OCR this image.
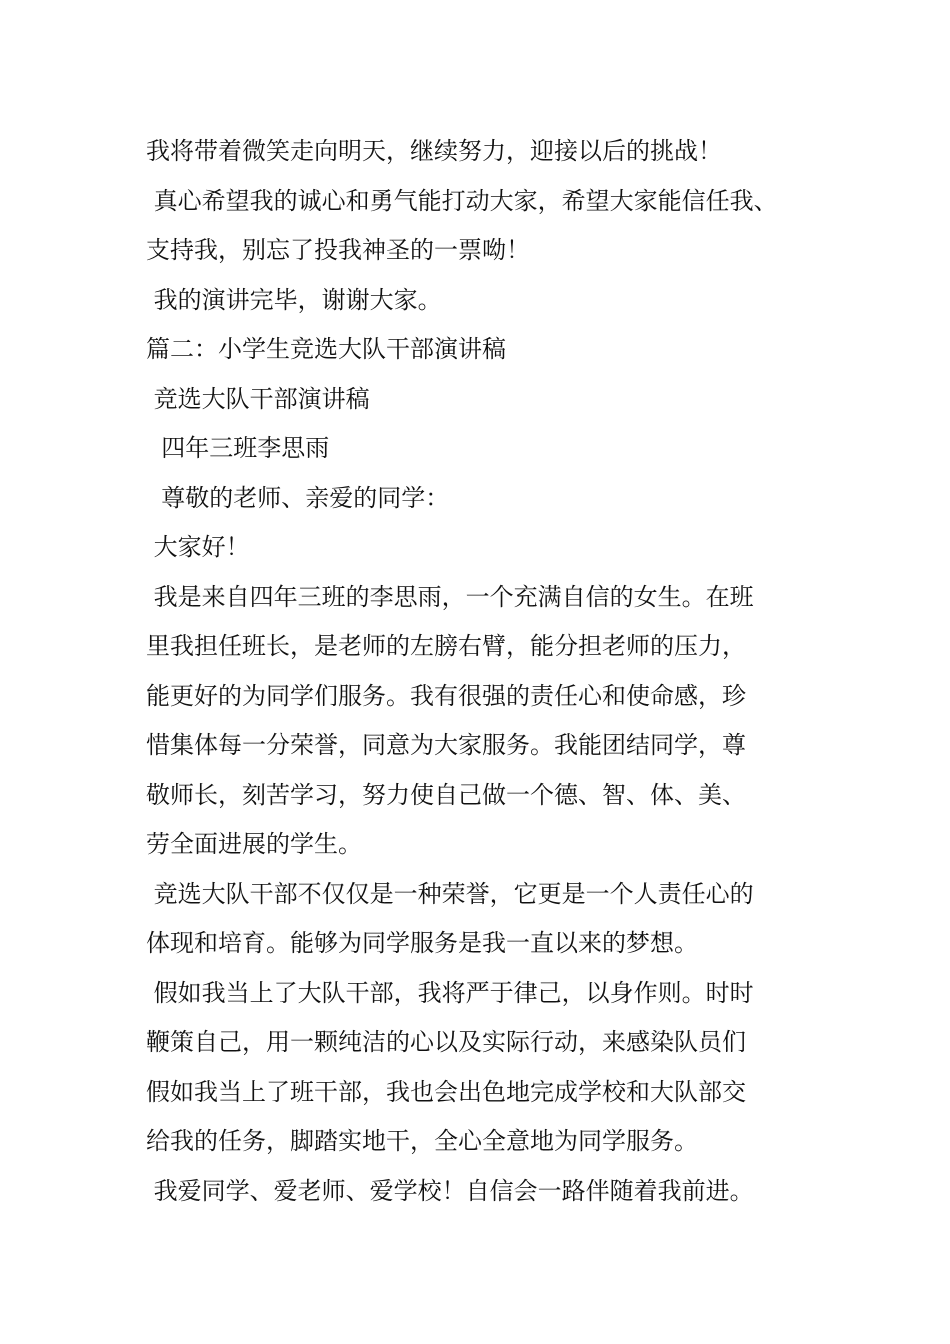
我将带着微笑走向明天，继续努力，迎接以后的挑战！
真心希望我的诚心和勇气能打动大家，希望大家能信任我、
支持我，别忘了投我神圣的一票呦！
我的演讲完毕，谢谢大家。
篇二：小学生竞选大队干部演讲稿
竞选大队干部演讲稿
四年三班李思雨
尊敬的老师、亲爱的同学：
大家好！
我是来自四年三班的李思雨，一个充满自信的女生。在班
里我担任班长，是老师的左膀右臂，能分担老师的压力，
能更好的为同学们服务。我有很强的责任心和使命感，珍
惜集体每一分荣誉，同意为大家服务。我能团结同学，尊
敬师长，刻苦学习，努力使自己做一个德、智、体、美、
劳全面进展的学生。
竞选大队干部不仅仅是一种荣誉，它更是一个人责任心的
体现和培育。能够为同学服务是我一直以来的梦想。
假如我当上了大队干部，我将严于律己，以身作则。时时
鞭策自己，用一颗纯洁的心以及实际行动，来感染队员们
假如我当上了班干部，我也会出色地完成学校和大队部交
给我的任务，脚踏实地干，全心全意地为同学服务。
我爱同学、爱老师、爱学校！自信会一路伴随着我前进。
